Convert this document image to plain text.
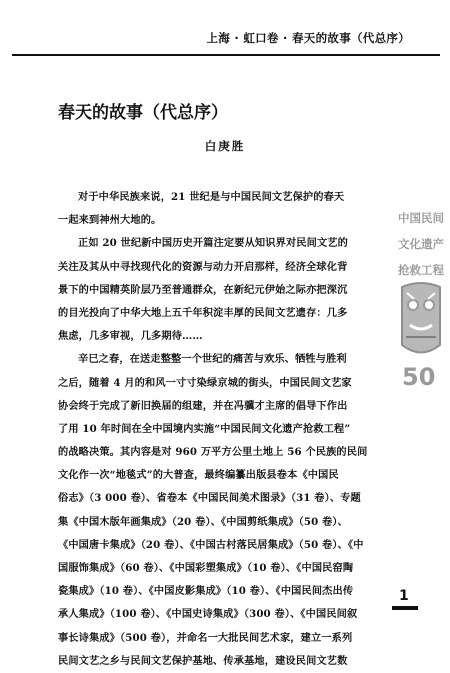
上海 · 虹口卷 · 春天的故事（代总序）
春天的故事（代总序）
白庚胜
对于中华民族来说，21 世纪是与中国民间文艺保护的春天
一起来到神州大地的。
正如 20 世纪新中国历史开篇注定要从知识界对民间文艺的
关注及其从中寻找现代化的资源与动力开启那样，经济全球化背
景下的中国精英阶层乃至普通群众，在新纪元伊始之际亦把深沉
的目光投向了中华大地上五千年积淀丰厚的民间文艺遗存：几多
焦虑，几多审视，几多期待……
辛巳之春，在送走整整一个世纪的痛苦与欢乐、牺牲与胜利
之后，随着 4 月的和风一寸寸染绿京城的街头，中国民间文艺家
协会终于完成了新旧换届的组建，并在冯骥才主席的倡导下作出
了用 10 年时间在全中国境内实施“中国民间文化遗产抢救工程”
的战略决策。其内容是对 960 万平方公里土地上 56 个民族的民间
文化作一次“地毯式”的大普查，最终编纂出版县卷本《中国民
俗志》（3 000 卷）、省卷本《中国民间美术图录》（31 卷）、专题
集《中国木版年画集成》（20 卷）、《中国剪纸集成》（50 卷）、
《中国唐卡集成》（20 卷）、《中国古村落民居集成》（50 卷）、《中
国服饰集成》（60 卷）、《中国彩塑集成》（10 卷）、《中国民窑陶
瓷集成》（10 卷）、《中国皮影集成》（10 卷）、《中国民间杰出传
承人集成》（100 卷）、《中国史诗集成》（300 卷）、《中国民间叙
事长诗集成》（500 卷），并命名一大批民间艺术家，建立一系列
民间文艺之乡与民间文艺保护基地、传承基地，建设民间文艺数
中国民间
文化遗产
抢救工程
50
1
